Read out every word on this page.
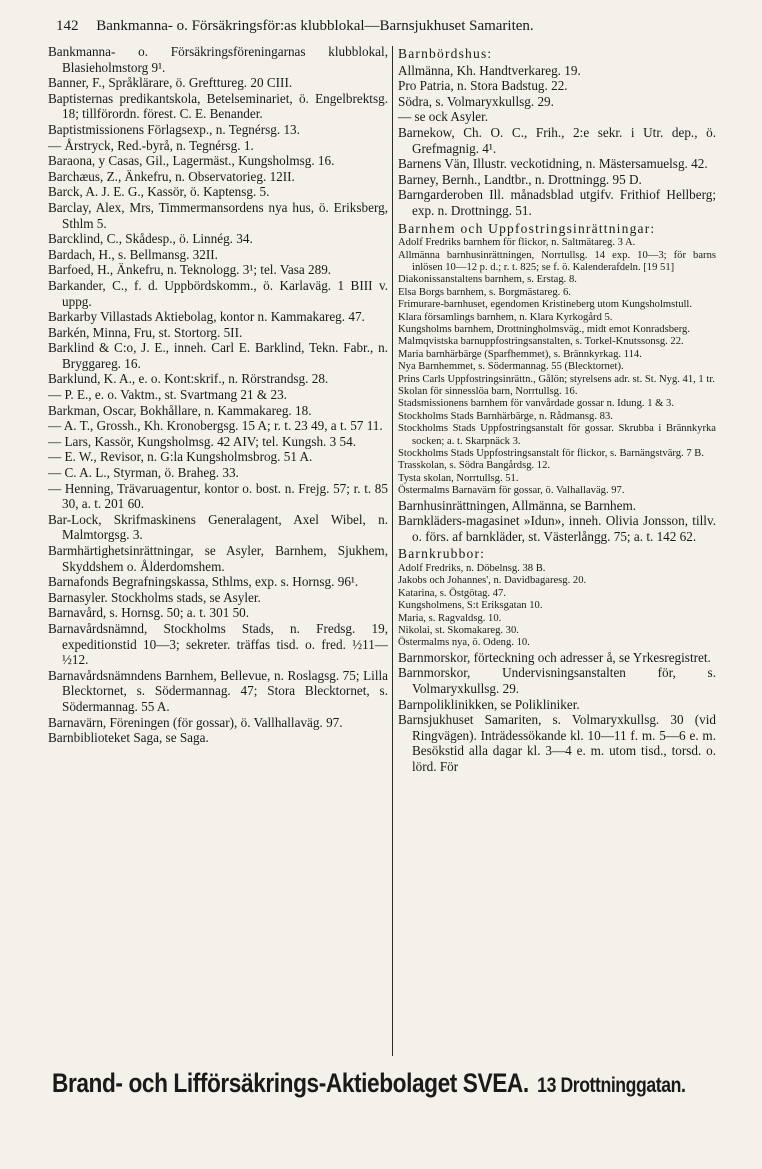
142 Bankmanna- o. Försäkringsför:as klubblokal—Barnsjukhuset Samariten.

Bankmanna- o. Försäkringsföreningarnas klubblokal, Blasieholmstorg 9¹.

Banner, F., Språklärare, ö. Grefttureg. 20 CIII.

Baptisternas predikantskola, Betelseminariet, ö. Engelbrektsg. 18; tillförordn. förest. C. E. Benander.

Baptistmissionens Förlagsexp., n. Tegnérsg. 13.

— Årstryck, Red.-byrå, n. Tegnérsg. 1.

Baraona, y Casas, Gil., Lagermäst., Kungsholmsg. 16.

Barchæus, Z., Änkefru, n. Observatorieg. 12II.

Barck, A. J. E. G., Kassör, ö. Kaptensg. 5.

Barclay, Alex, Mrs, Timmermansordens nya hus, ö. Eriksberg, Sthlm 5.

Barcklind, C., Skådesp., ö. Linnég. 34.

Bardach, H., s. Bellmansg. 32II.

Barfoed, H., Änkefru, n. Teknologg. 3¹; tel. Vasa 289.

Barkander, C., f. d. Uppbördskomm., ö. Karlaväg. 1 BIII v. uppg.

Barkarby Villastads Aktiebolag, kontor n. Kammakareg. 47.

Barkén, Minna, Fru, st. Stortorg. 5II.

Barklind & C:o, J. E., inneh. Carl E. Barklind, Tekn. Fabr., n. Bryggareg. 16.

Barklund, K. A., e. o. Kont:skrif., n. Rörstrandsg. 28.

— P. E., e. o. Vaktm., st. Svartmang 21 & 23.

Barkman, Oscar, Bokhållare, n. Kammakareg. 18.

— A. T., Grossh., Kh. Kronobergsg. 15 A; r. t. 23 49, a t. 57 11.

— Lars, Kassör, Kungsholmsg. 42 AIV; tel. Kungsh. 3 54.

— E. W., Revisor, n. G:la Kungsholmsbrog. 51 A.

— C. A. L., Styrman, ö. Braheg. 33.

— Henning, Trävaruagentur, kontor o. bost. n. Frejg. 57; r. t. 85 30, a. t. 201 60.

Bar-Lock, Skrifmaskinens Generalagent, Axel Wibel, n. Malmtorgsg. 3.

Barmhärtighetsinrättningar, se Asyler, Barnhem, Sjukhem, Skyddshem o. Ålderdomshem.

Barnafonds Begrafningskassa, Sthlms, exp. s. Hornsg. 96¹.

Barnasyler. Stockholms stads, se Asyler.

Barnavård, s. Hornsg. 50; a. t. 301 50.

Barnavårdsnämnd, Stockholms Stads, n. Fredsg. 19, expeditionstid 10—3; sekreter. träffas tisd. o. fred. ½11—½12.

Barnavårdsnämndens Barnhem, Bellevue, n. Roslagsg. 75; Lilla Blecktornet, s. Södermannag. 47; Stora Blecktornet, s. Södermannag. 55 A.

Barnavärn, Föreningen (för gossar), ö. Vallhallaväg. 97.

Barnbiblioteket Saga, se Saga.

Barnbördshus:

Allmänna, Kh. Handtverkareg. 19.

Pro Patria, n. Stora Badstug. 22.

Södra, s. Volmaryxkullsg. 29.

— se ock Asyler.

Barnekow, Ch. O. C., Frih., 2:e sekr. i Utr. dep., ö. Grefmagnig. 4¹.

Barnens Vän, Illustr. veckotidning, n. Mästersamuelsg. 42.

Barney, Bernh., Landtbr., n. Drottningg. 95 D.

Barngarderoben Ill. månadsblad utgifv. Frithiof Hellberg; exp. n. Drottningg. 51.

Barnhem och Uppfostringsinrättningar:

Adolf Fredriks barnhem för flickor, n. Saltmätareg. 3 A.

Allmänna barnhusinrättningen, Norrtullsg. 14 exp. 10—3; för barns inlösen 10—12 p. d.; r. t. 825; se f. ö. Kalenderafdeln. [19 51]

Diakonissanstaltens barnhem, s. Erstag. 8.

Elsa Borgs barnhem, s. Borgmästareg. 6.

Frimurare-barnhuset, egendomen Kristineberg utom Kungsholmstull.

Klara församlings barnhem, n. Klara Kyrkogård 5.

Kungsholms barnhem, Drottningholmsväg., midt emot Konradsberg.

Malmqvistska barnuppfostringsanstalten, s. Torkel-Knutssonsg. 22.

Maria barnhärbärge (Sparfhemmet), s. Brännkyrkag. 114.

Nya Barnhemmet, s. Södermannag. 55 (Blecktornet).

Prins Carls Uppfostringsinrättn., Gålön; styrelsens adr. st. St. Nyg. 41, 1 tr.

Skolan för sinnesslöa barn, Norrtullsg. 16.

Stadsmissionens barnhem för vanvårdade gossar n. Idung. 1 & 3.

Stockholms Stads Barnhärbärge, n. Rådmansg. 83.

Stockholms Stads Uppfostringsanstalt för gossar. Skrubba i Brännkyrka socken; a. t. Skarpnäck 3.

Stockholms Stads Uppfostringsanstalt för flickor, s. Barnängstvärg. 7 B.

Trasskolan, s. Södra Bangårdsg. 12.

Tysta skolan, Norrtullsg. 51.

Östermalms Barnavärn för gossar, ö. Valhallaväg. 97.

Barnhusinrättningen, Allmänna, se Barnhem.

Barnkläders-magasinet »Idun», inneh. Olivia Jonsson, tillv. o. förs. af barnkläder, st. Västerlångg. 75; a. t. 142 62.

Barnkrubbor:

Adolf Fredriks, n. Döbelnsg. 38 B.

Jakobs och Johannes', n. Davidbagaresg. 20.

Katarina, s. Östgötag. 47.

Kungsholmens, S:t Eriksgatan 10.

Maria, s. Ragvaldsg. 10.

Nikolai, st. Skomakareg. 30.

Östermalms nya, ö. Odeng. 10.

Barnmorskor, förteckning och adresser å, se Yrkesregistret.

Barnmorskor, Undervisningsanstalten för, s. Volmaryxkullsg. 29.

Barnpoliklinikken, se Polikliniker.

Barnsjukhuset Samariten, s. Volmaryxkullsg. 30 (vid Ringvägen). Inträdessökande kl. 10—11 f. m. 5—6 e. m. Besökstid alla dagar kl. 3—4 e. m. utom tisd., torsd. o. lörd. För

Brand- och Lifförsäkrings-Aktiebolaget SVEA. 13 Drottninggatan.
